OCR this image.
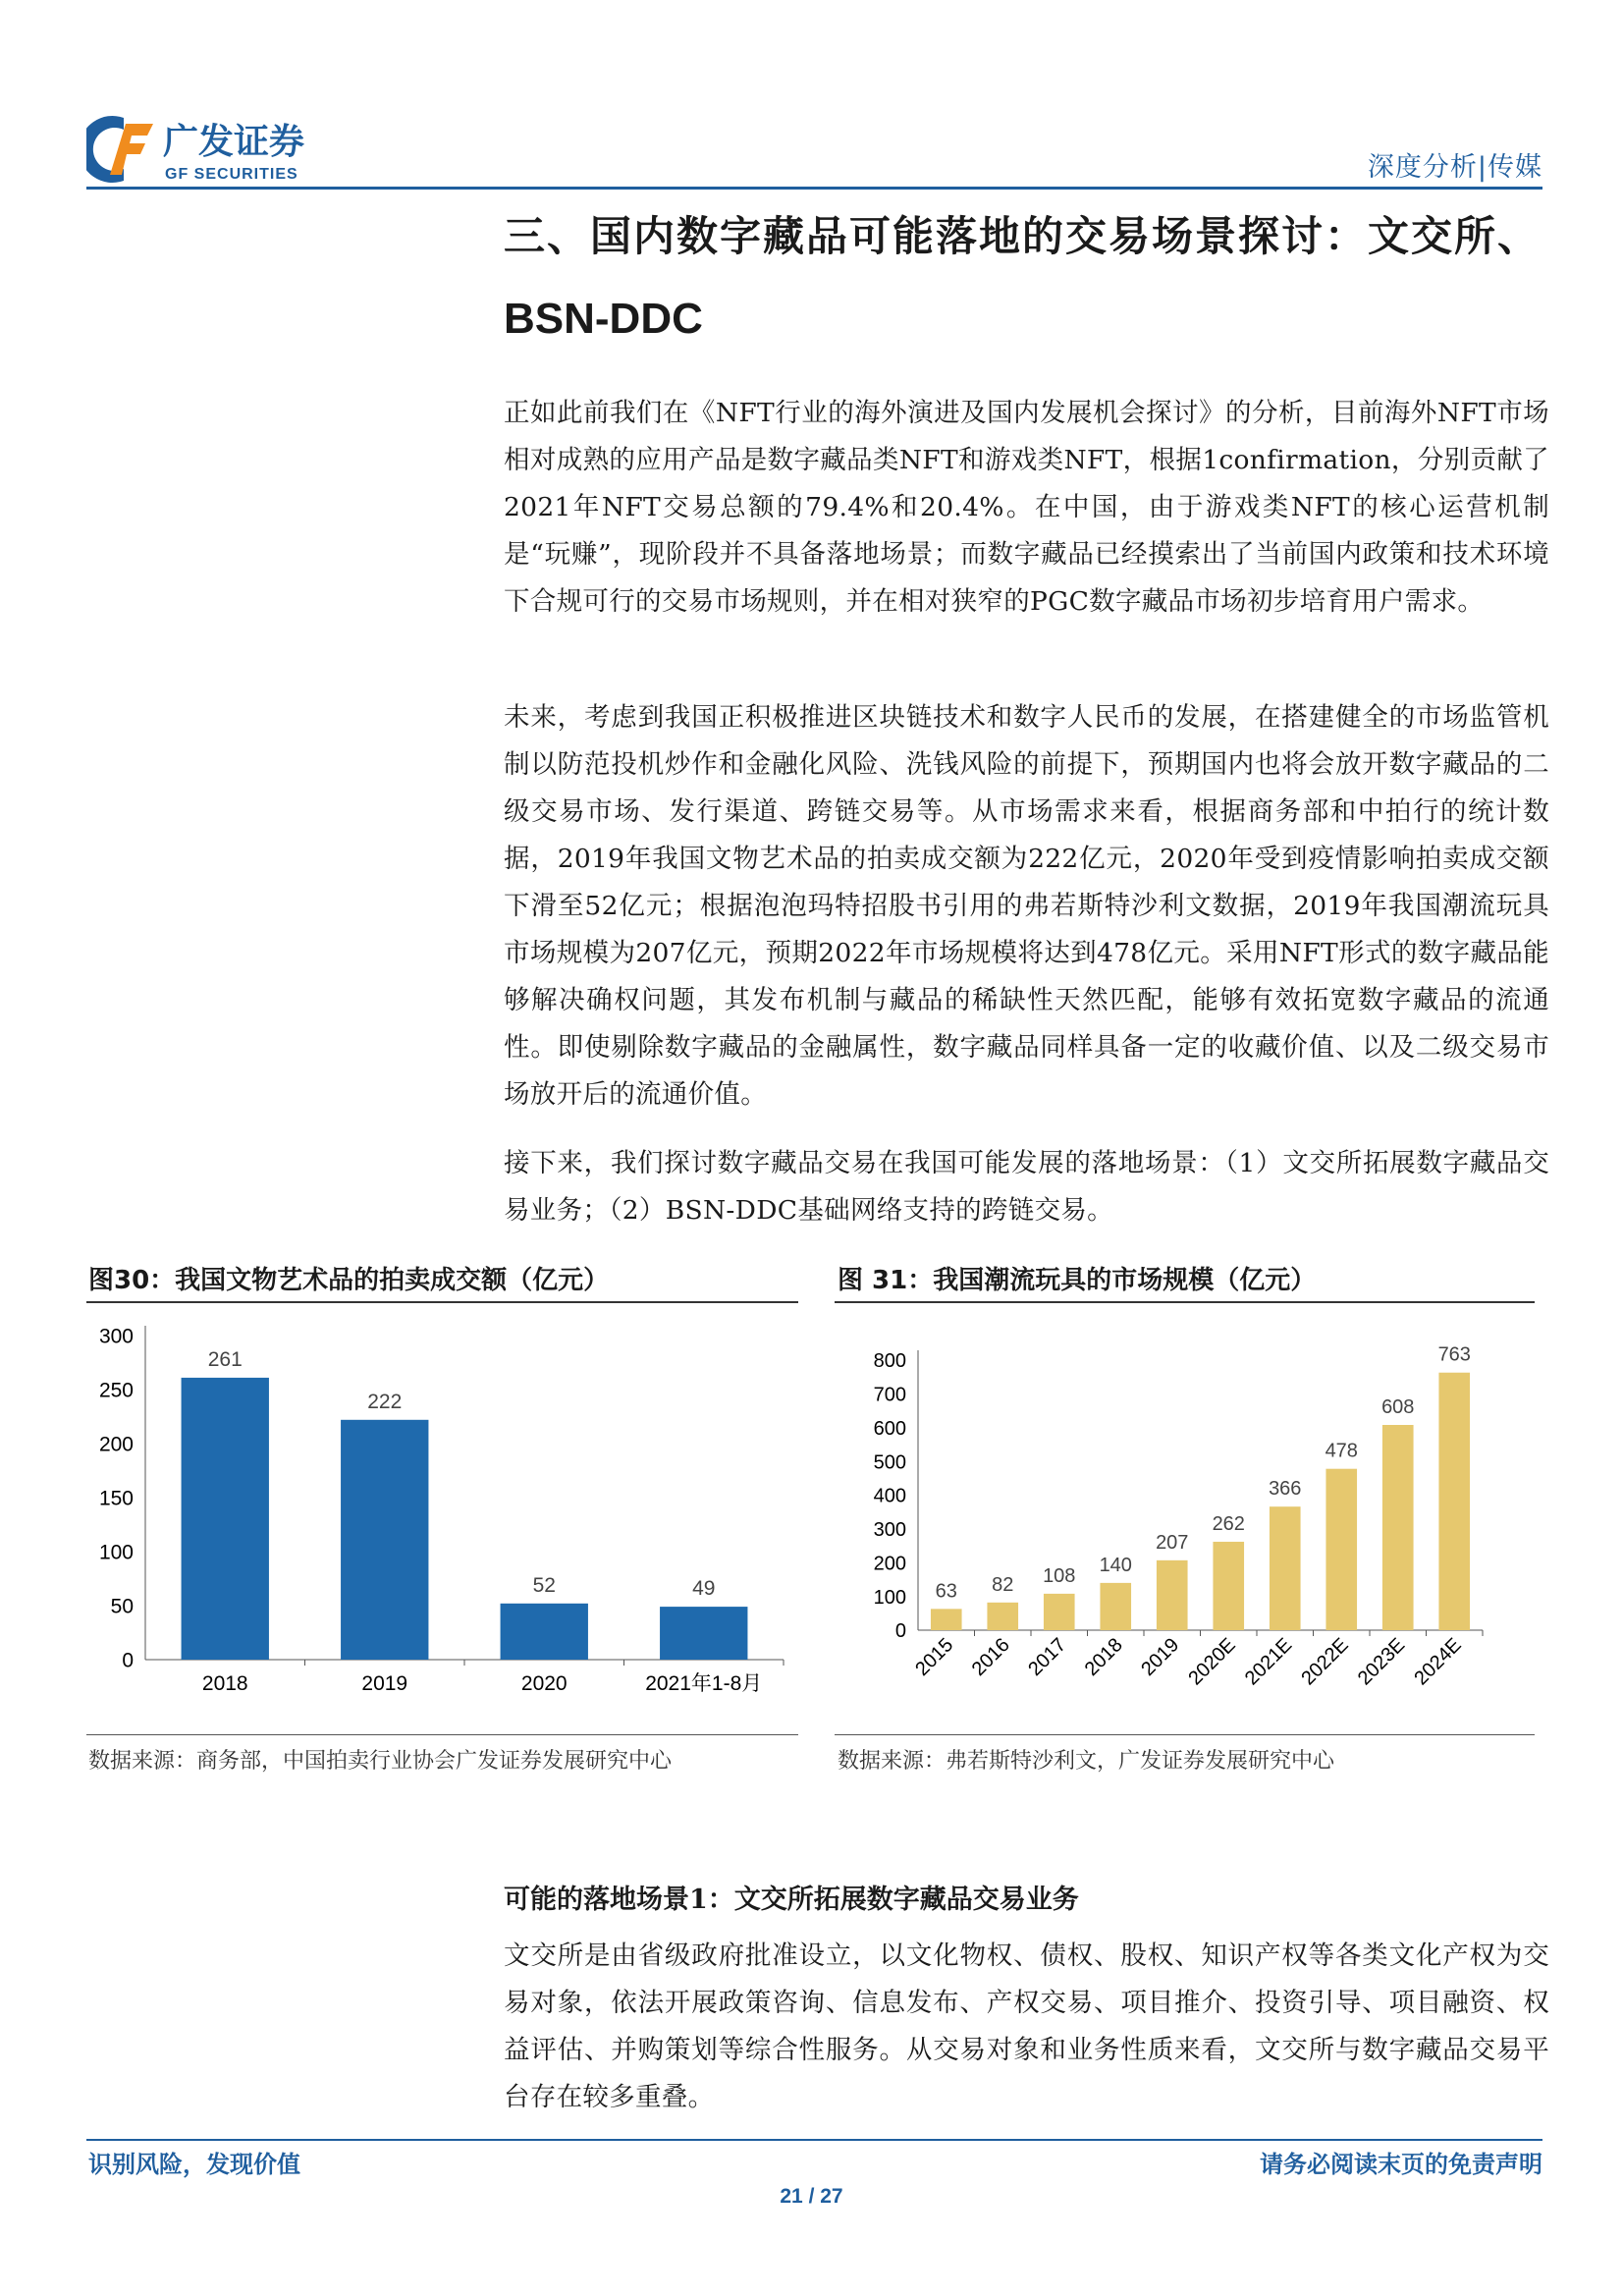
广发证券
GF SECURITIES	深度分析|传媒
三、国内数字藏品可能落地的交易场景探讨：文交所、
BSN-DDC
正如此前我们在《NFT行业的海外演进及国内发展机会探讨》的分析，目前海外NFT市场相对成熟的应用产品是数字藏品类NFT和游戏类NFT，根据1confirmation，分别贡献了2021年NFT交易总额的79.4%和20.4%。在中国，由于游戏类NFT的核心运营机制是“玩赚”，现阶段并不具备落地场景；而数字藏品已经摸索出了当前国内政策和技术环境下合规可行的交易市场规则，并在相对狭窄的PGC数字藏品市场初步培育用户需求。
未来，考虑到我国正积极推进区块链技术和数字人民币的发展，在搭建健全的市场监管机制以防范投机炒作和金融化风险、洗钱风险的前提下，预期国内也将会放开数字藏品的二级交易市场、发行渠道、跨链交易等。从市场需求来看，根据商务部和中拍行的统计数据，2019年我国文物艺术品的拍卖成交额为222亿元，2020年受到疫情影响拍卖成交额下滑至52亿元；根据泡泡玛特招股书引用的弗若斯特沙利文数据，2019年我国潮流玩具市场规模为207亿元，预期2022年市场规模将达到478亿元。采用NFT形式的数字藏品能够解决确权问题，其发布机制与藏品的稀缺性天然匹配，能够有效拓宽数字藏品的流通性。即使剔除数字藏品的金融属性，数字藏品同样具备一定的收藏价值、以及二级交易市场放开后的流通价值。
接下来，我们探讨数字藏品交易在我国可能发展的落地场景：（1）文交所拓展数字藏品交易业务；（2）BSN-DDC基础网络支持的跨链交易。
图30：我国文物艺术品的拍卖成交额（亿元）
0
50
100
150
200
250
300
261
2018
222
2019
52
2020
49
2021年1-8月
数据来源：商务部，中国拍卖行业协会广发证券发展研究中心
图 31：我国潮流玩具的市场规模（亿元）
0
100
200
300
400
500
600
700
800
63
2015
82
2016
108
2017
140
2018
207
2019
262
2020E
366
2021E
478
2022E
608
2023E
763
2024E
数据来源：弗若斯特沙利文，广发证券发展研究中心
可能的落地场景1：文交所拓展数字藏品交易业务
文交所是由省级政府批准设立，以文化物权、债权、股权、知识产权等各类文化产权为交易对象，依法开展政策咨询、信息发布、产权交易、项目推介、投资引导、项目融资、权益评估、并购策划等综合性服务。从交易对象和业务性质来看，文交所与数字藏品交易平台存在较多重叠。
识别风险，发现价值	请务必阅读末页的免责声明
21 / 27
